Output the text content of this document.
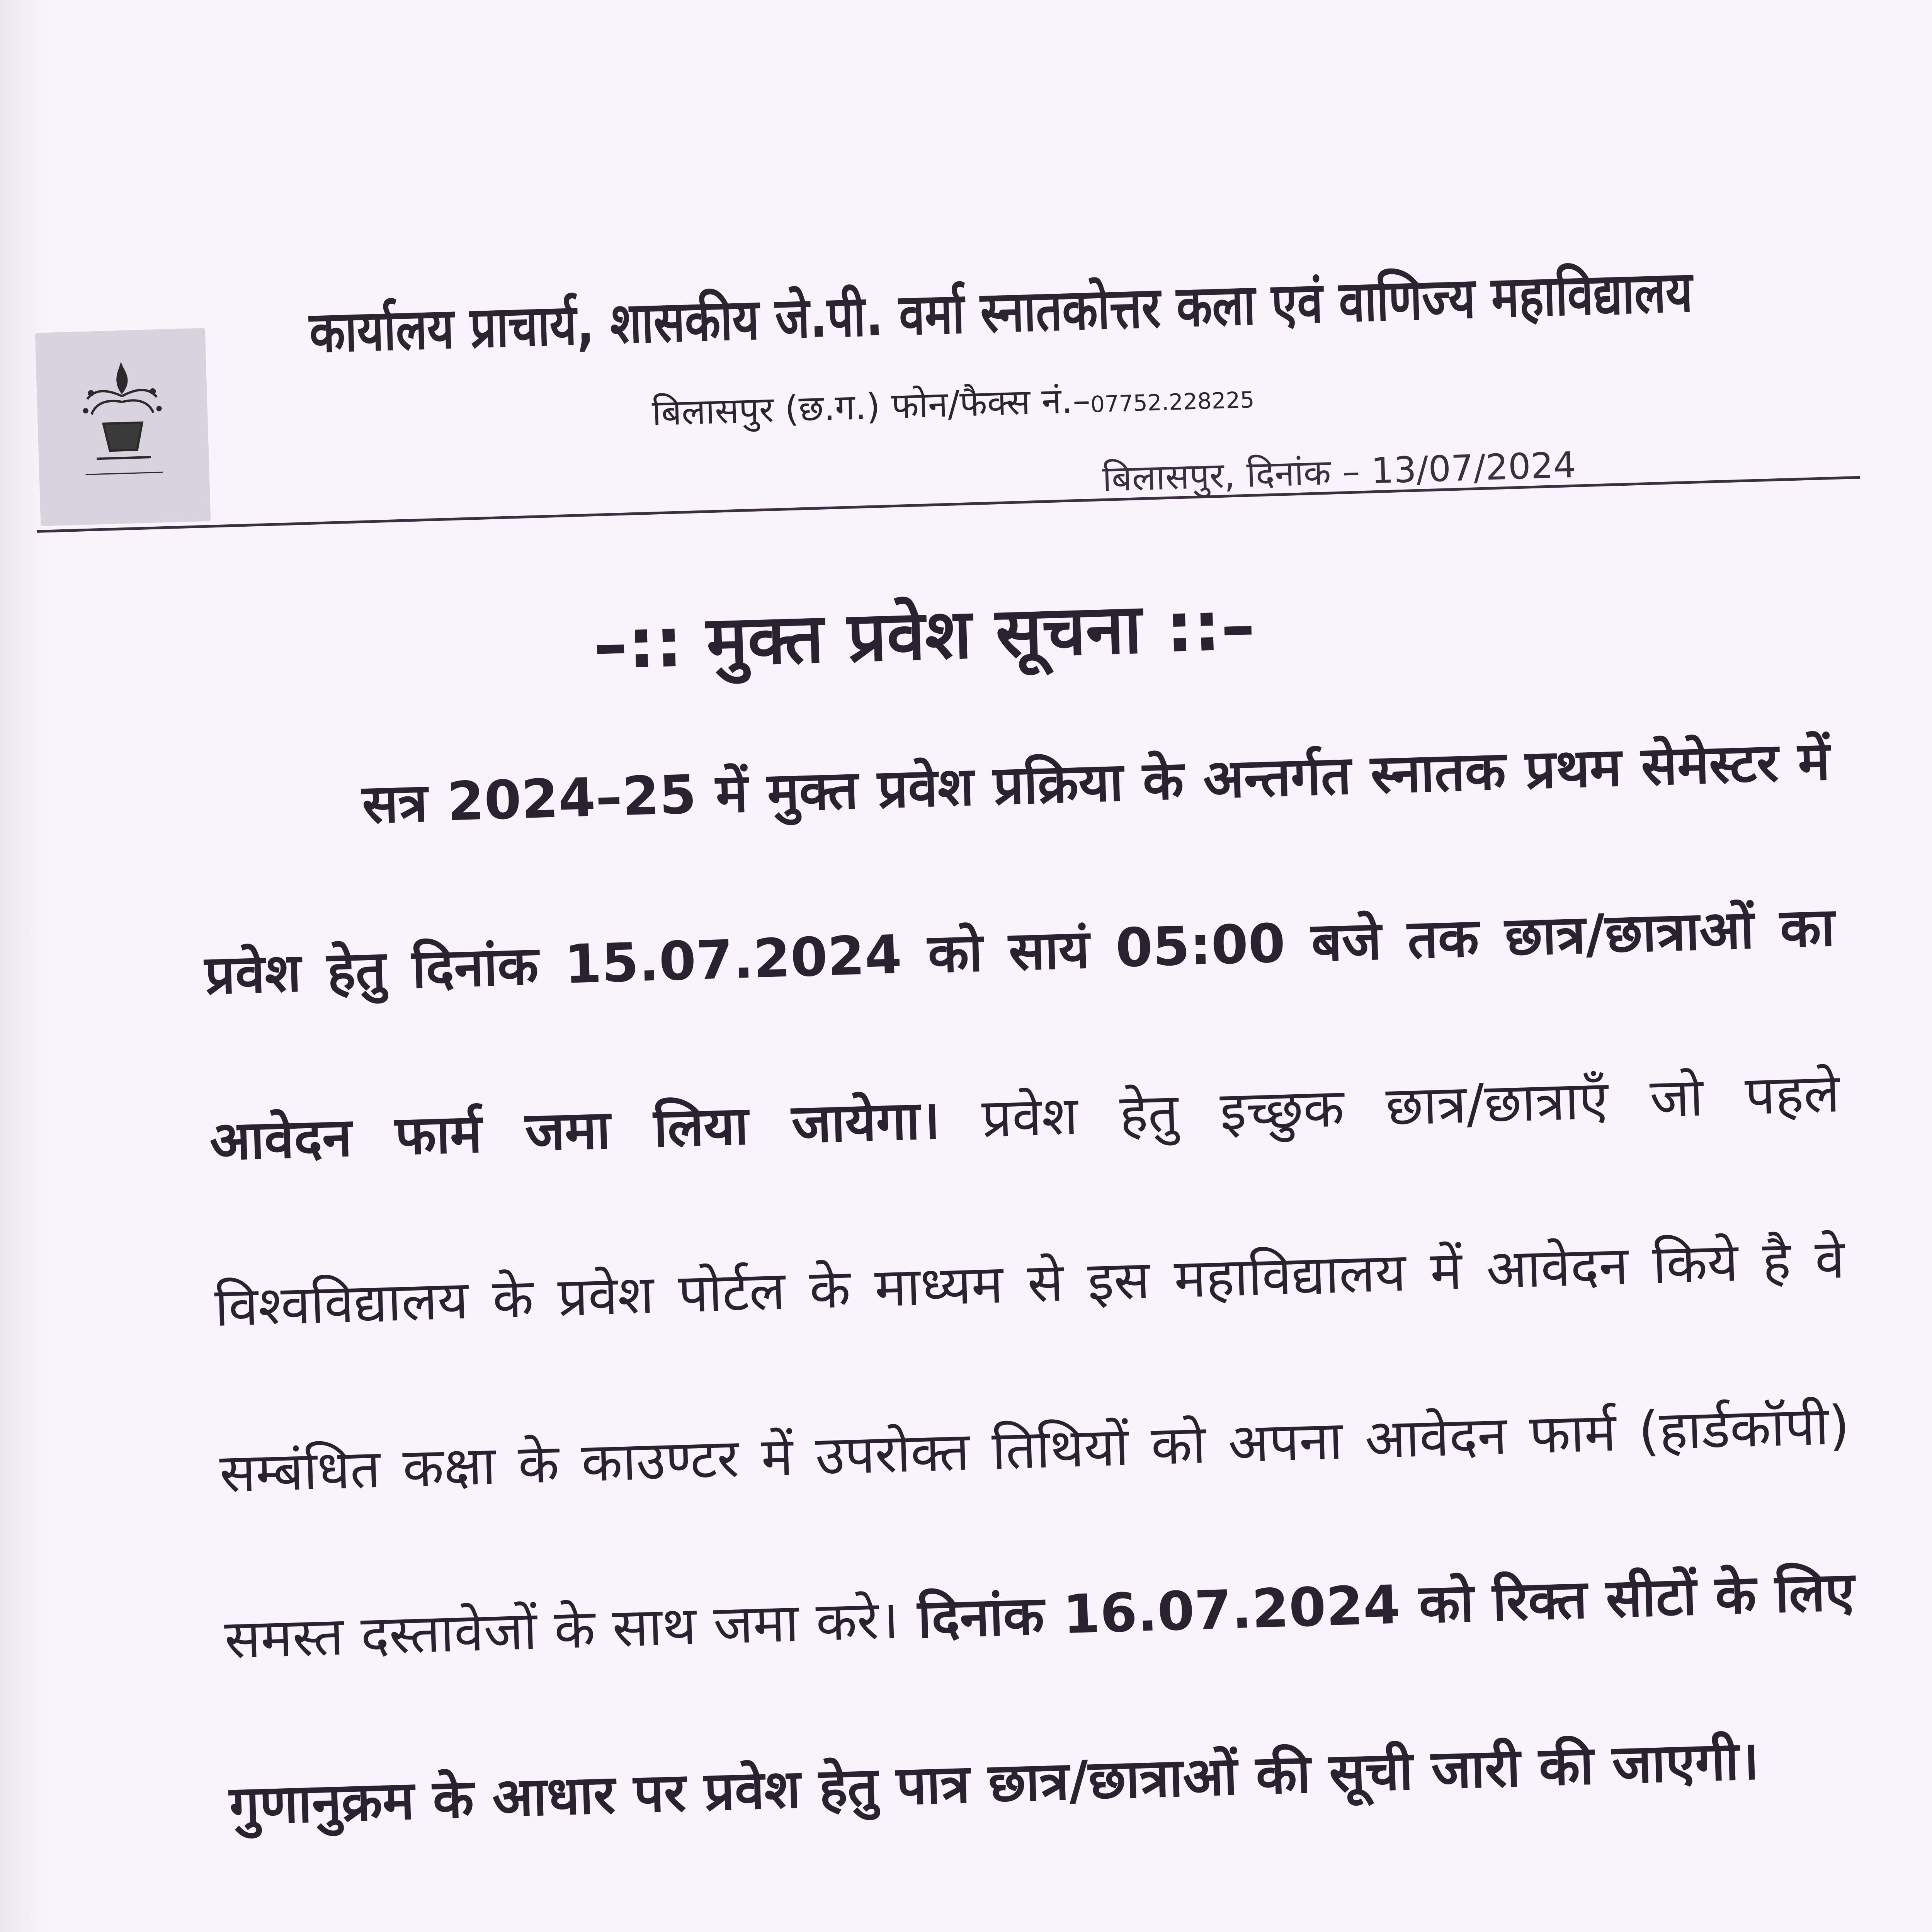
कार्यालय प्राचार्य, शासकीय जे.पी. वर्मा स्नातकोत्तर कला एवं वाणिज्य महाविद्यालय
बिलासपुर (छ.ग.) फोन/फैक्स नं.–07752.228225
बिलासपुर, दिनांक – 13/07/2024
–:: मुक्त प्रवेश सूचना ::–
सत्र 2024–25 में मुक्त प्रवेश प्रक्रिया के अन्तर्गत स्नातक प्रथम सेमेस्टर में प्रवेश हेतु दिनांक 15.07.2024 को सायं 05:00 बजे तक छात्र/छात्राओं का आवेदन फार्म जमा लिया जायेगा। प्रवेश हेतु इच्छुक छात्र/छात्राएँ जो पहले विश्वविद्यालय के प्रवेश पोर्टल के माध्यम से इस महाविद्यालय में आवेदन किये है वे सम्बंधित कक्षा के काउण्टर में उपरोक्त तिथियों को अपना आवेदन फार्म (हार्डकॉपी) समस्त दस्तावेजों के साथ जमा करे। दिनांक 16.07.2024 को रिक्त सीटों के लिए गुणानुक्रम के आधार पर प्रवेश हेतु पात्र छात्र/छात्राओं की सूची जारी की जाएगी।
